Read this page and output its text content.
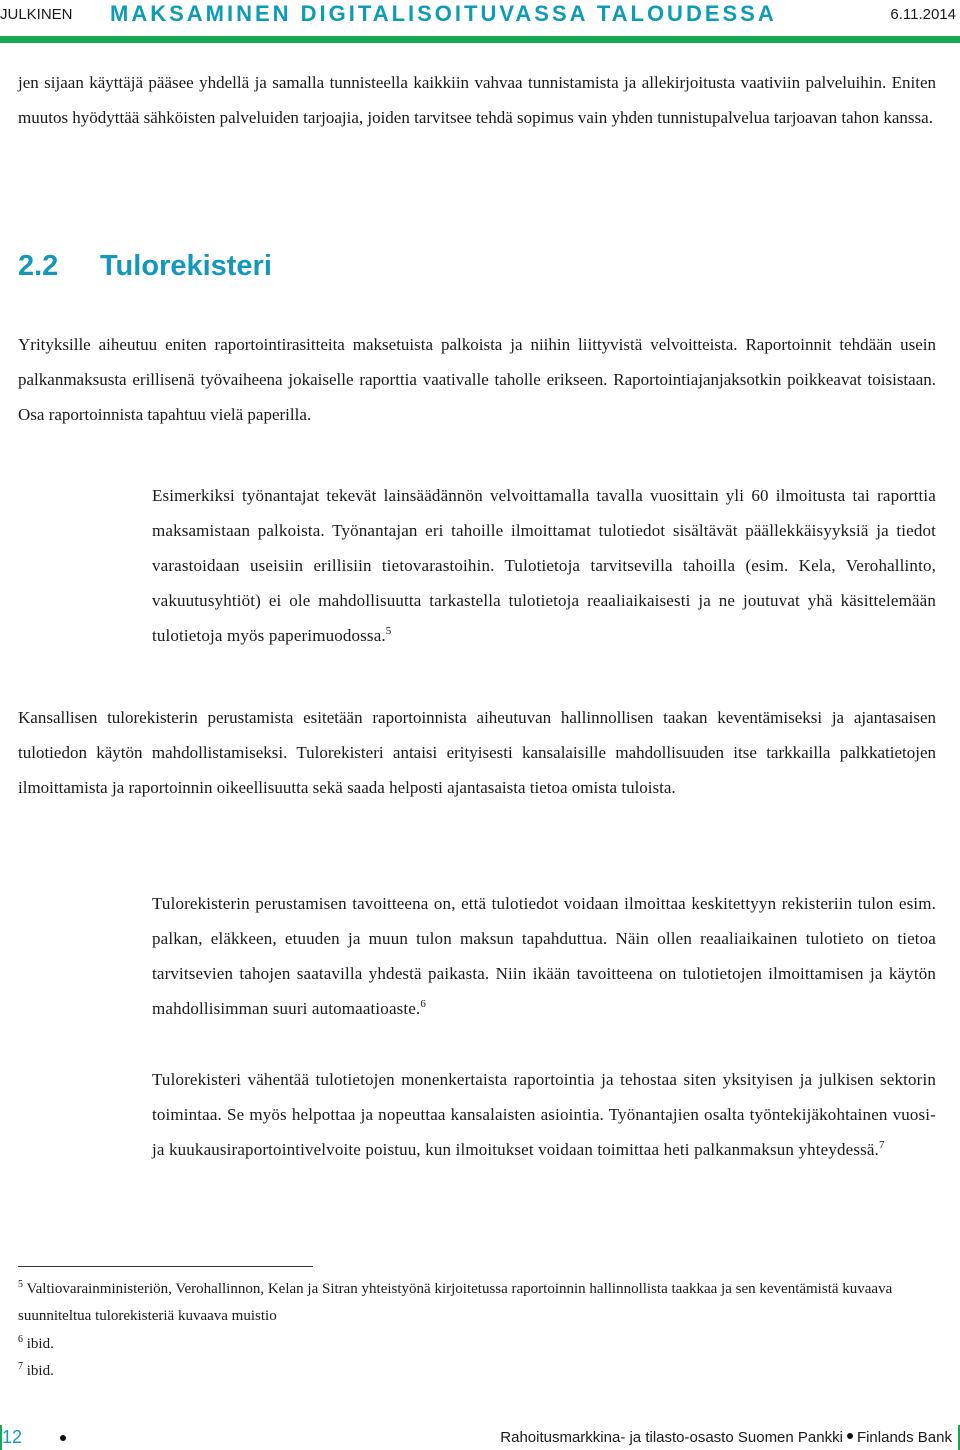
JULKINEN MAKSAMINEN DIGITALISOITUVASSA TALOUDESSA	6.11.2014

jen sijaan käyttäjä pääsee yhdellä ja samalla tunnisteella kaikkiin vahvaa tunnistamista ja allekirjoitusta vaativiin palveluihin. Eniten muutos hyödyttää sähköisten palveluiden tarjoajia, joiden tarvitsee tehdä sopimus vain yhden tunnistupalvelua tarjoavan tahon kanssa.

2.2 Tulorekisteri

Yrityksille aiheutuu eniten raportointirasitteita maksetuista palkoista ja niihin liittyvistä velvoitteista. Raportoinnit tehdään usein palkanmaksusta erillisenä työvaiheena jokaiselle raporttia vaativalle taholle erikseen. Raportointiajanjaksotkin poikkeavat toisistaan. Osa raportoinnista tapahtuu vielä paperilla.

Esimerkiksi työnantajat tekevät lainsäädännön velvoittamalla tavalla vuosittain yli 60 ilmoitusta tai raporttia maksamistaan palkoista. Työnantajan eri tahoille ilmoittamat tulotiedot sisältävät päällekkäisyyksiä ja tiedot varastoidaan useisiin erillisiin tietovarastoihin. Tulotietoja tarvitsevilla tahoilla (esim. Kela, Verohallinto, vakuutusyhtiöt) ei ole mahdollisuutta tarkastella tulotietoja reaaliaikaisesti ja ne joutuvat yhä käsittelemään tulotietoja myös paperimuodossa.$^5$

Kansallisen tulorekisterin perustamista esitetään raportoinnista aiheutuvan hallinnollisen taakan keventämiseksi ja ajantasaisen tulotiedon käytön mahdollistamiseksi. Tulorekisteri antaisi erityisesti kansalaisille mahdollisuuden itse tarkkailla palkkatietojen ilmoittamista ja raportoinnin oikeellisuutta sekä saada helposti ajantasaista tietoa omista tuloista.

Tulorekisterin perustamisen tavoitteena on, että tulotiedot voidaan ilmoittaa keskitettyyn rekisteriin tulon esim. palkan, eläkkeen, etuuden ja muun tulon maksun tapahduttua. Näin ollen reaaliaikainen tulotieto on tietoa tarvitsevien tahojen saatavilla yhdestä paikasta. Niin ikään tavoitteena on tulotietojen ilmoittamisen ja käytön mahdollisimman suuri automaatioaste.$^6$

Tulorekisteri vähentää tulotietojen monenkertaista raportointia ja tehostaa siten yksityisen ja julkisen sektorin toimintaa. Se myös helpottaa ja nopeuttaa kansalaisten asiointia. Työnantajien osalta työntekijäkohtainen vuosi- ja kuukausiraportointivelvoite poistuu, kun ilmoitukset voidaan toimittaa heti palkanmaksun yhteydessä.$^7$

$^5$ Valtiovarainministeriön, Verohallinnon, Kelan ja Sitran yhteistyönä kirjoitetussa raportoinnin hallinnollista taakkaa ja sen keventämistä kuvaava suunniteltua tulorekisteriä kuvaava muistio

$^6$ ibid.

$^7$ ibid.

12	Rahoitusmarkkina- ja tilasto-osasto Suomen Pankki Finlands Bank
